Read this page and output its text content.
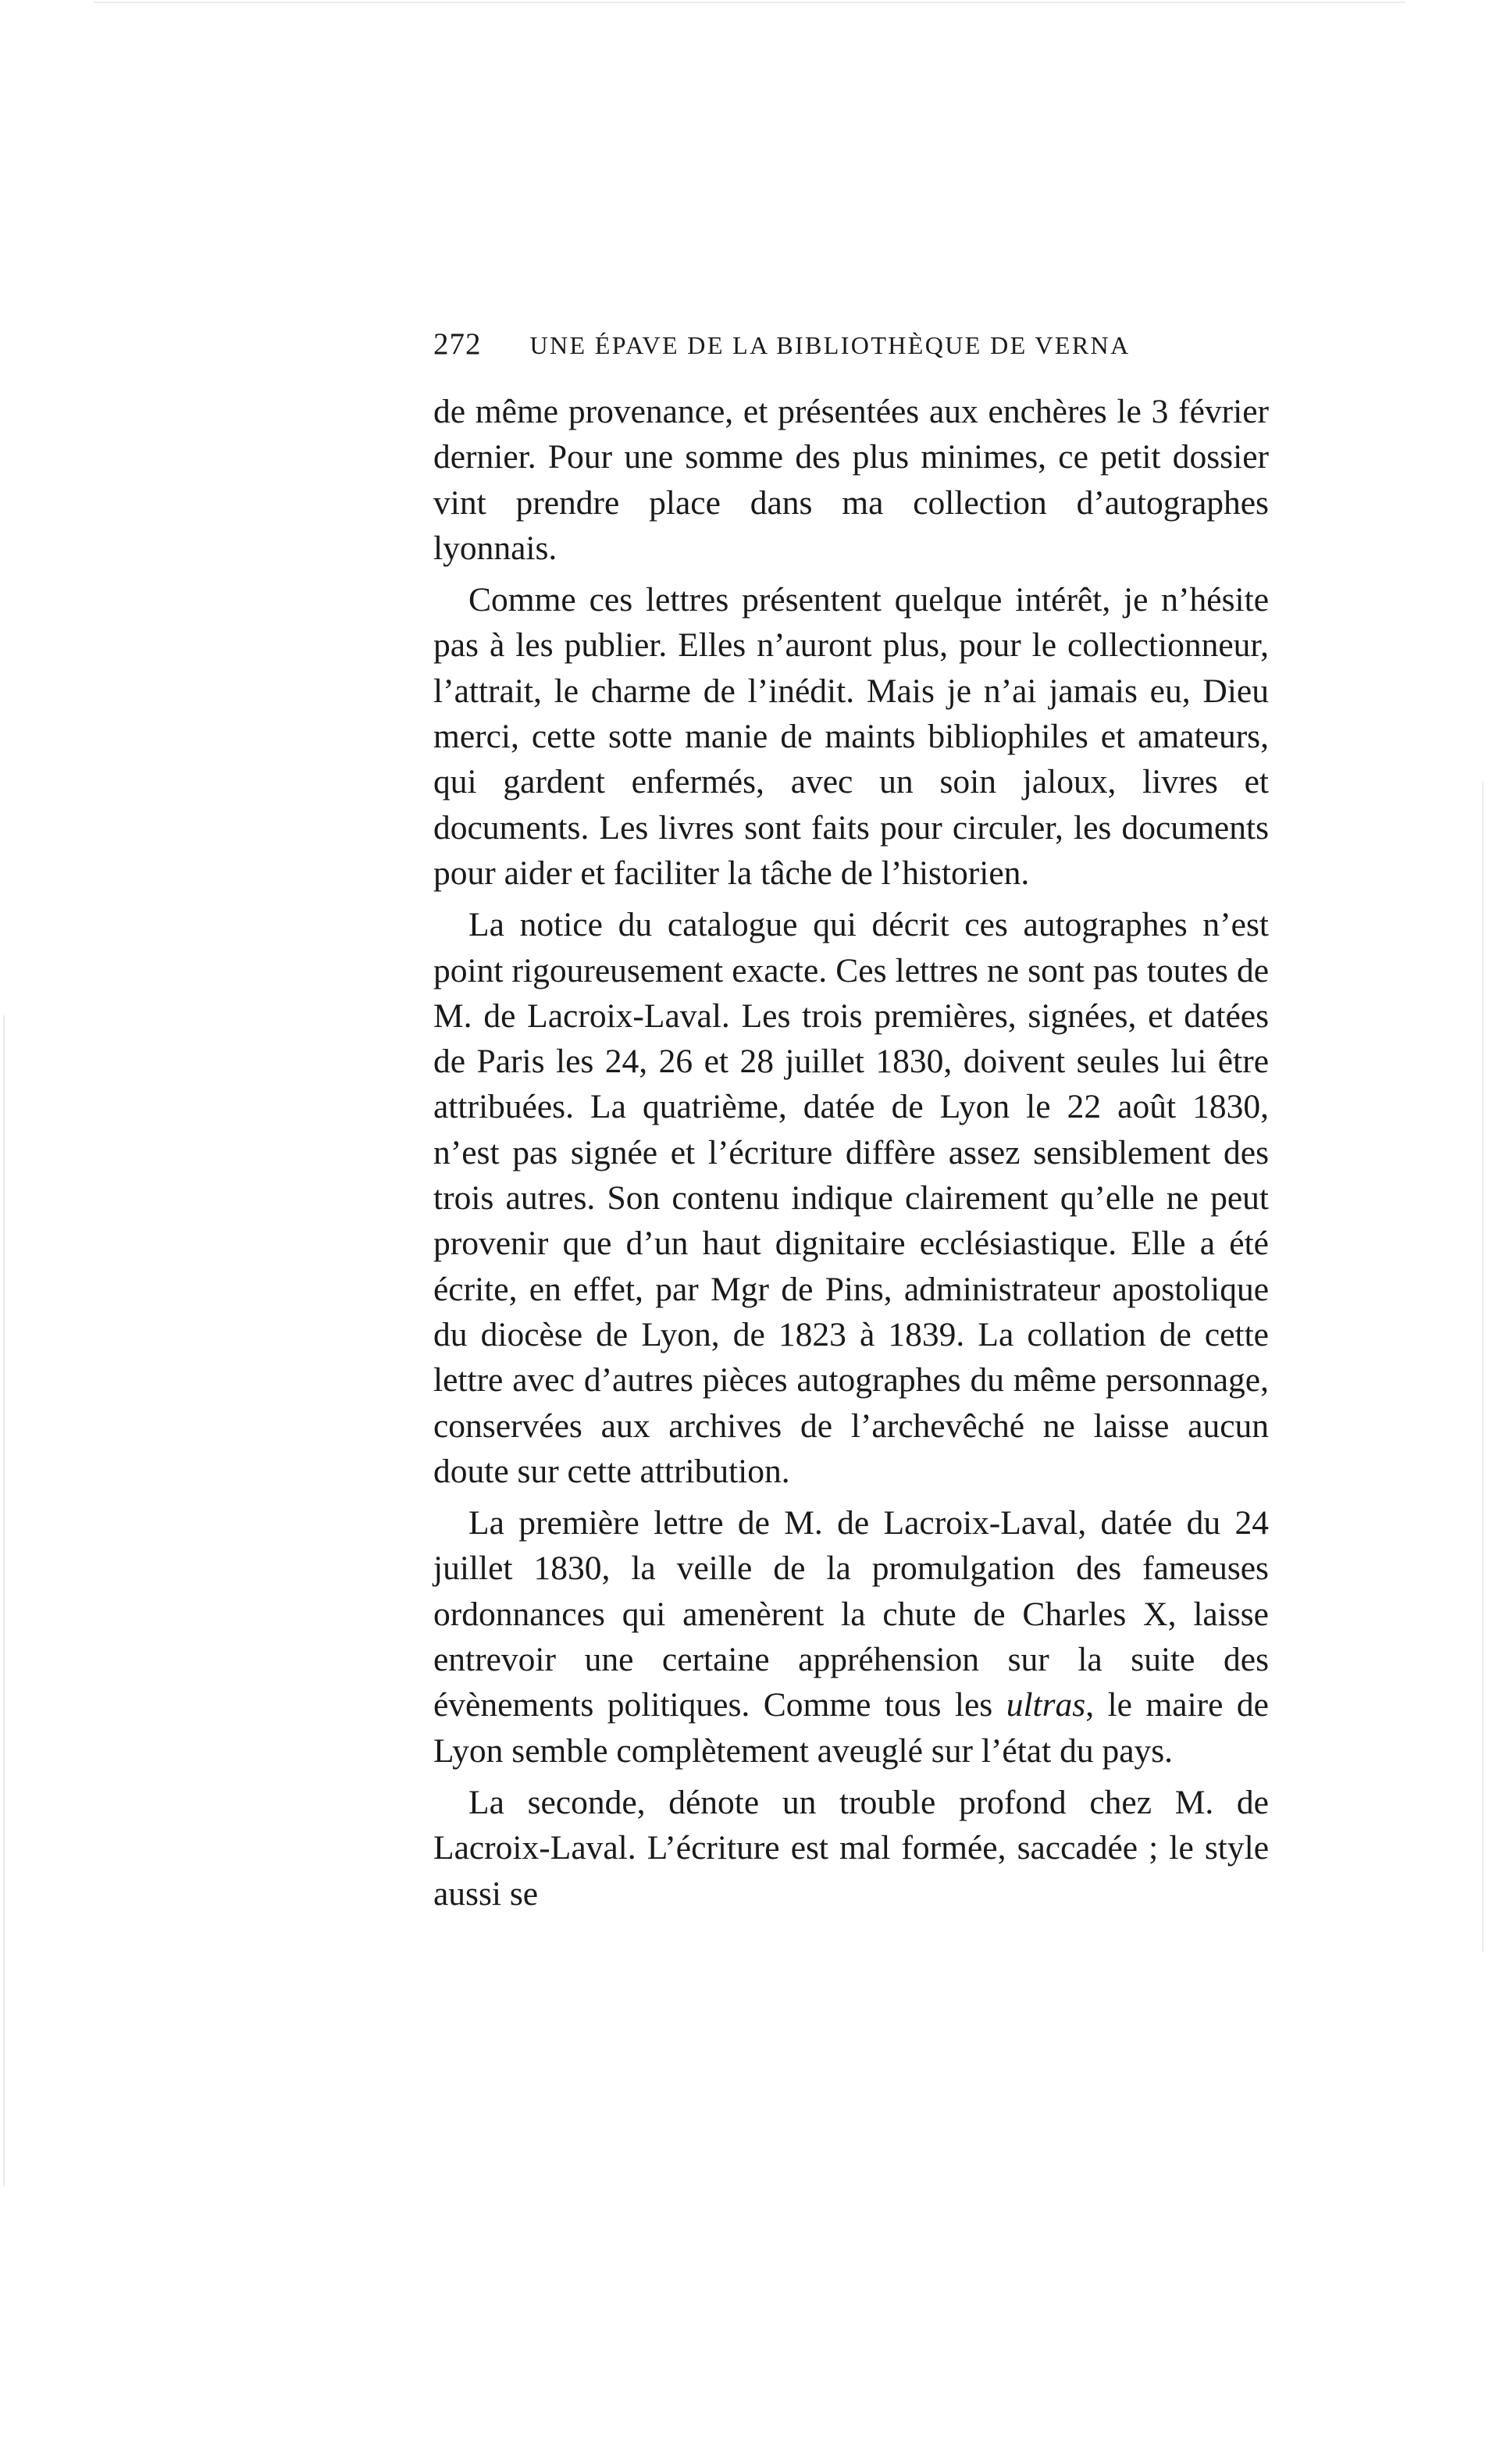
272 UNE ÉPAVE DE LA BIBLIOTHÈQUE DE VERNA

de même provenance, et présentées aux enchères le 3 février dernier. Pour une somme des plus minimes, ce petit dossier vint prendre place dans ma collection d’autographes lyonnais.

Comme ces lettres présentent quelque intérêt, je n’hésite pas à les publier. Elles n’auront plus, pour le collectionneur, l’attrait, le charme de l’inédit. Mais je n’ai jamais eu, Dieu merci, cette sotte manie de maints bibliophiles et amateurs, qui gardent enfermés, avec un soin jaloux, livres et documents. Les livres sont faits pour circuler, les documents pour aider et faciliter la tâche de l’historien.

La notice du catalogue qui décrit ces autographes n’est point rigoureusement exacte. Ces lettres ne sont pas toutes de M. de Lacroix-Laval. Les trois premières, signées, et datées de Paris les 24, 26 et 28 juillet 1830, doivent seules lui être attribuées. La quatrième, datée de Lyon le 22 août 1830, n’est pas signée et l’écriture diffère assez sensiblement des trois autres. Son contenu indique clairement qu’elle ne peut provenir que d’un haut dignitaire ecclésiastique. Elle a été écrite, en effet, par Mgr de Pins, administrateur apostolique du diocèse de Lyon, de 1823 à 1839. La collation de cette lettre avec d’autres pièces autographes du même personnage, conservées aux archives de l’archevêché ne laisse aucun doute sur cette attribution.

La première lettre de M. de Lacroix-Laval, datée du 24 juillet 1830, la veille de la promulgation des fameuses ordonnances qui amenèrent la chute de Charles X, laisse entrevoir une certaine appréhension sur la suite des évènements politiques. Comme tous les ultras, le maire de Lyon semble complètement aveuglé sur l’état du pays.

La seconde, dénote un trouble profond chez M. de Lacroix-Laval. L’écriture est mal formée, saccadée ; le style aussi se
